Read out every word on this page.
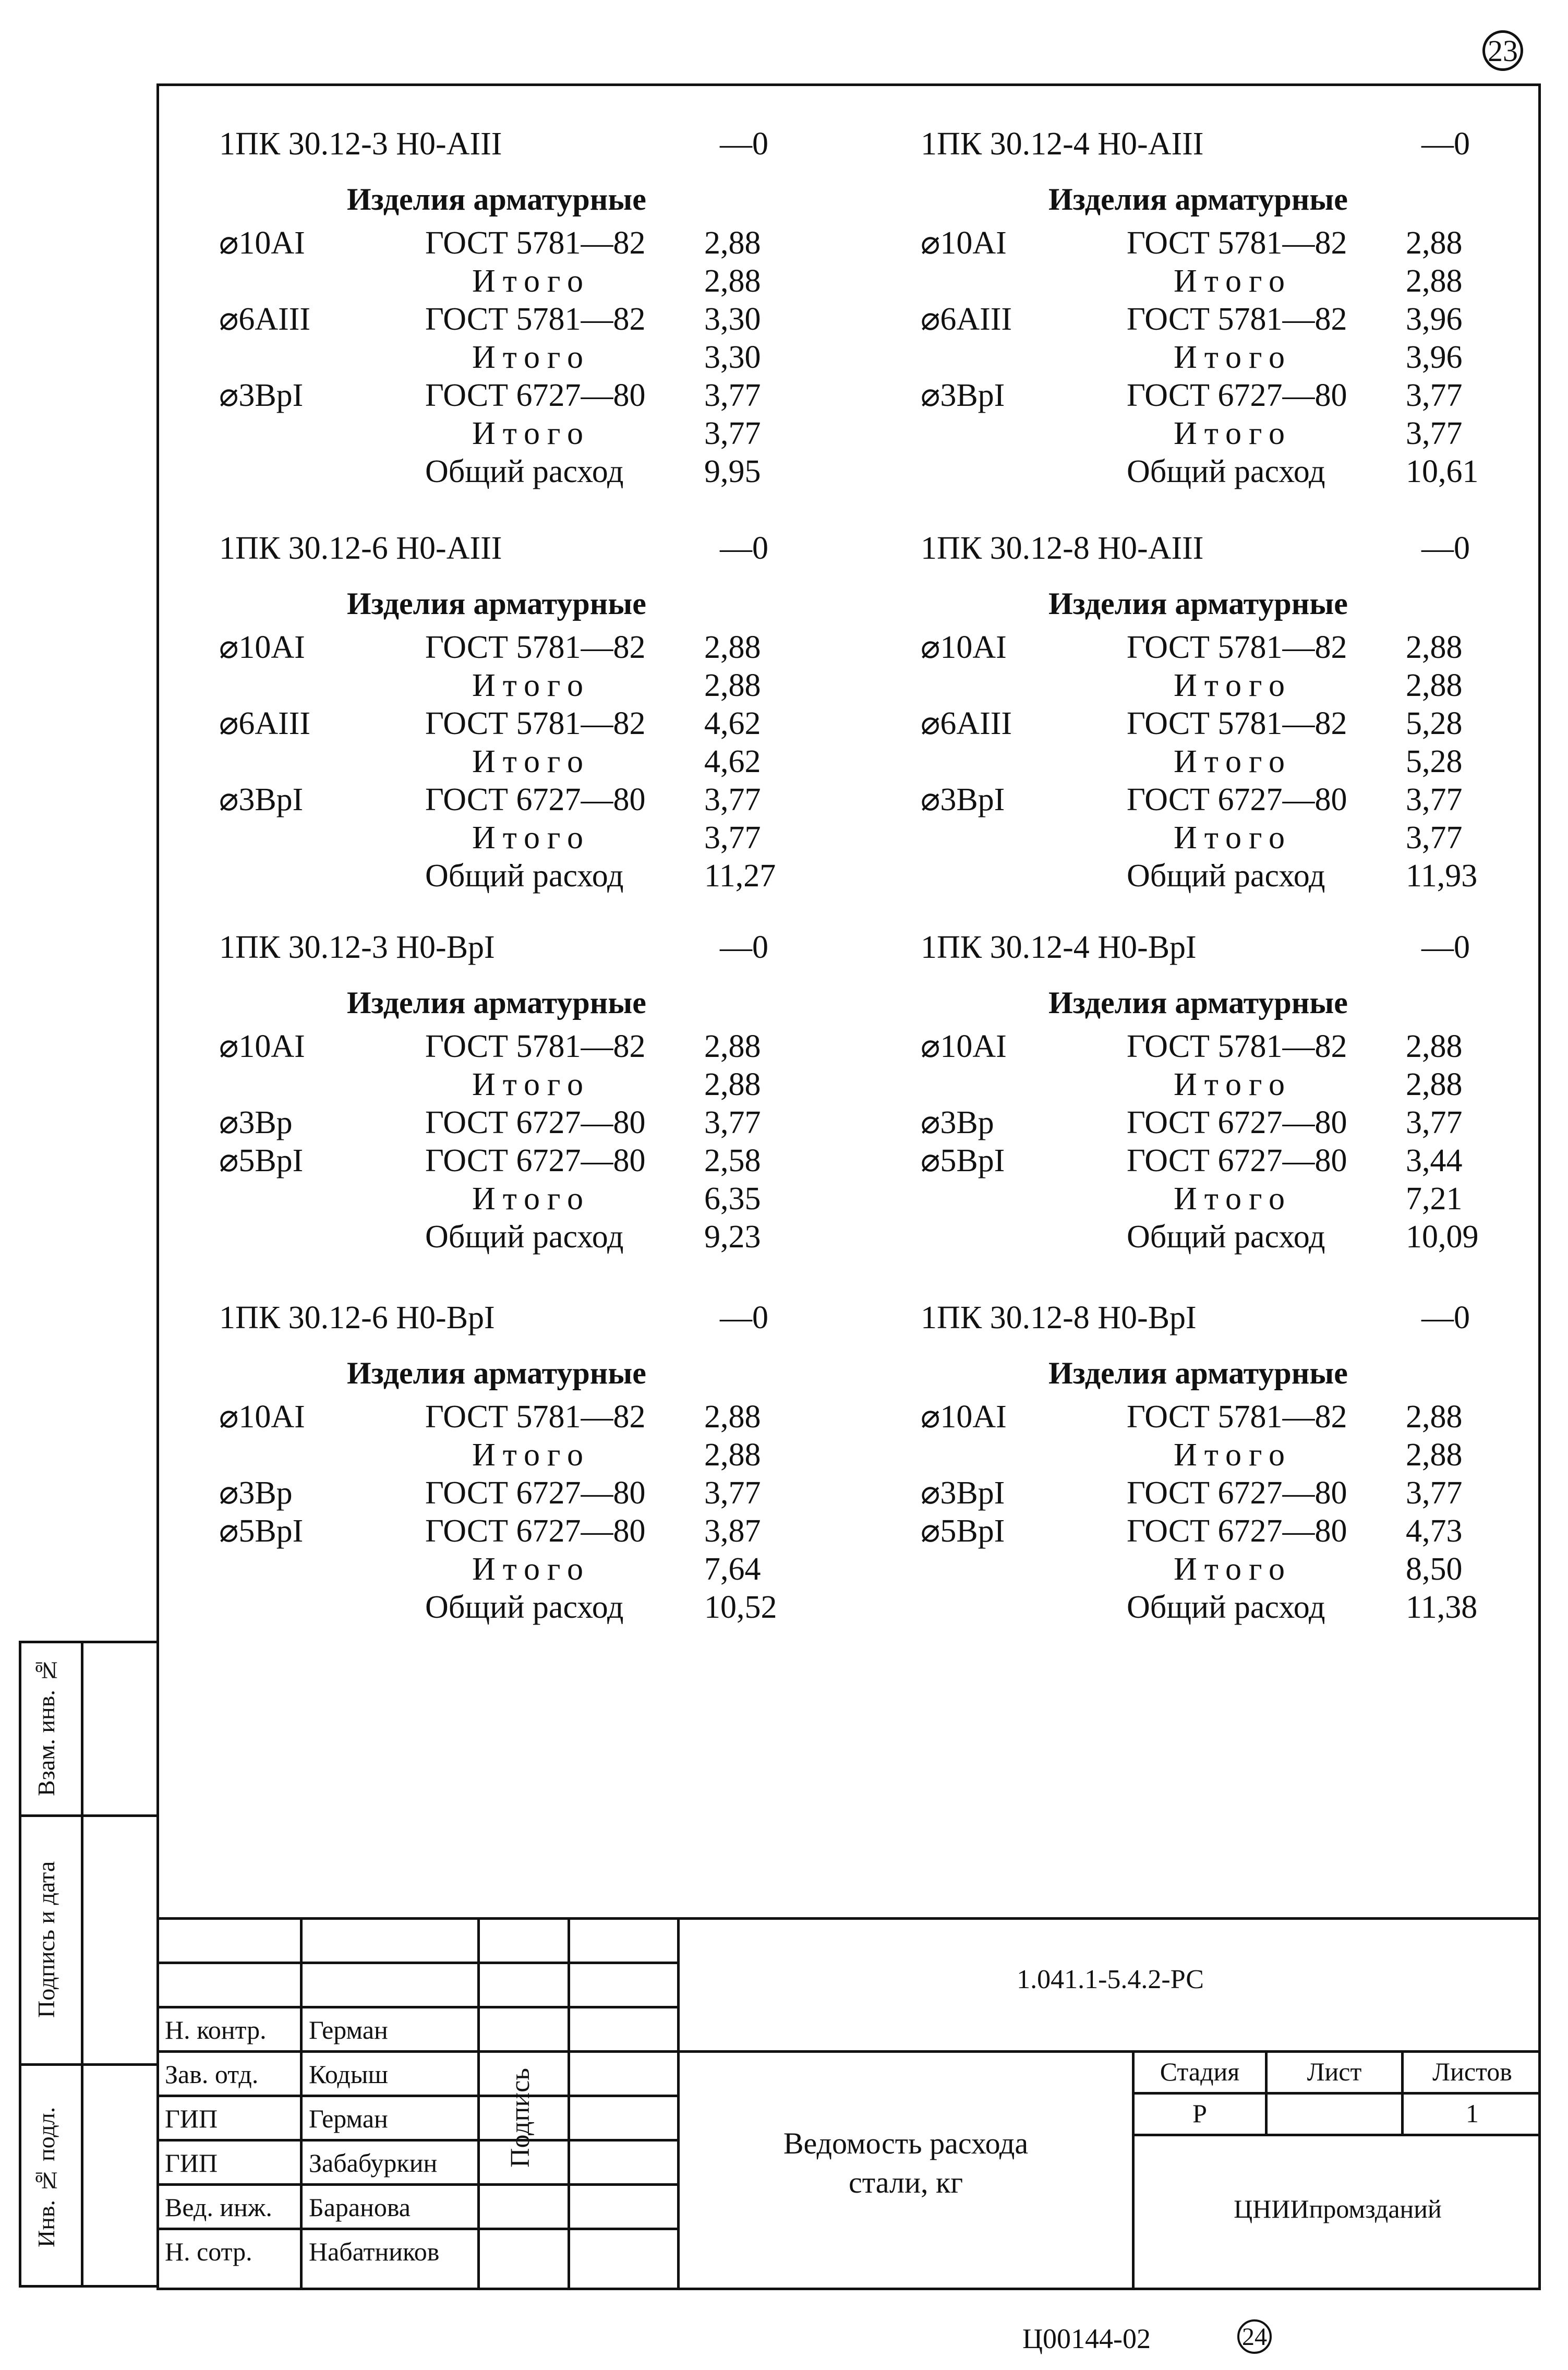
23
1ПК 30.12-3 Н0-АIII	—0
Изделия арматурные
⌀10AI	ГОСТ 5781—82 2,88
Итого	2,88
⌀6AIII	ГОСТ 5781—82 3,30
Итого	3,30
⌀3BpI	ГОСТ 6727—80 3,77
Итого	3,77
Общий расход 9,95
1ПК 30.12-4 Н0-АIII	—0
Изделия арматурные
⌀10AI	ГОСТ 5781—82 2,88
Итого	2,88
⌀6AIII	ГОСТ 5781—82 3,96
Итого	3,96
⌀3BpI	ГОСТ 6727—80 3,77
Итого	3,77
Общий расход 10,61
1ПК 30.12-6 Н0-АIII	—0
Изделия арматурные
⌀10AI	ГОСТ 5781—82 2,88
Итого	2,88
⌀6AIII	ГОСТ 5781—82 4,62
Итого	4,62
⌀3BpI	ГОСТ 6727—80 3,77
Итого	3,77
Общий расход 11,27
1ПК 30.12-8 Н0-АIII	—0
Изделия арматурные
⌀10AI	ГОСТ 5781—82 2,88
Итого	2,88
⌀6AIII	ГОСТ 5781—82 5,28
Итого	5,28
⌀3BpI	ГОСТ 6727—80 3,77
Итого	3,77
Общий расход 11,93
1ПК 30.12-3 Н0-ВрI	—0
Изделия арматурные
⌀10AI	ГОСТ 5781—82 2,88
Итого	2,88
⌀3Bp	ГОСТ 6727—80 3,77
⌀5BpI	ГОСТ 6727—80 2,58
Итого	6,35
Общий расход 9,23
1ПК 30.12-4 Н0-ВрI	—0
Изделия арматурные
⌀10AI	ГОСТ 5781—82 2,88
Итого	2,88
⌀3Bp	ГОСТ 6727—80 3,77
⌀5BpI	ГОСТ 6727—80 3,44
Итого	7,21
Общий расход 10,09
1ПК 30.12-6 Н0-ВрI	—0
Изделия арматурные
⌀10AI	ГОСТ 5781—82 2,88
Итого	2,88
⌀3Bp	ГОСТ 6727—80 3,77
⌀5BpI	ГОСТ 6727—80 3,87
Итого	7,64
Общий расход 10,52
1ПК 30.12-8 Н0-ВрI	—0
Изделия арматурные
⌀10AI	ГОСТ 5781—82 2,88
Итого	2,88
⌀3BpI	ГОСТ 6727—80 3,77
⌀5BpI	ГОСТ 6727—80 4,73
Итого	8,50
Общий расход 11,38
Взам. инв. №
Подпись и дата
Инв. № подл.
Н. контр. Герман
Зав. отд. Кодыш
ГИП	Герман
ГИП	Забабуркин
Вед. инж. Баранова
Н. сотр. Набатников
Подпись
1.041.1-5.4.2-РС
Ведомость расхода
стали, кг
Стадия	Лист	Листов
Р	1
ЦНИИпромзданий
Ц00144-02	24
